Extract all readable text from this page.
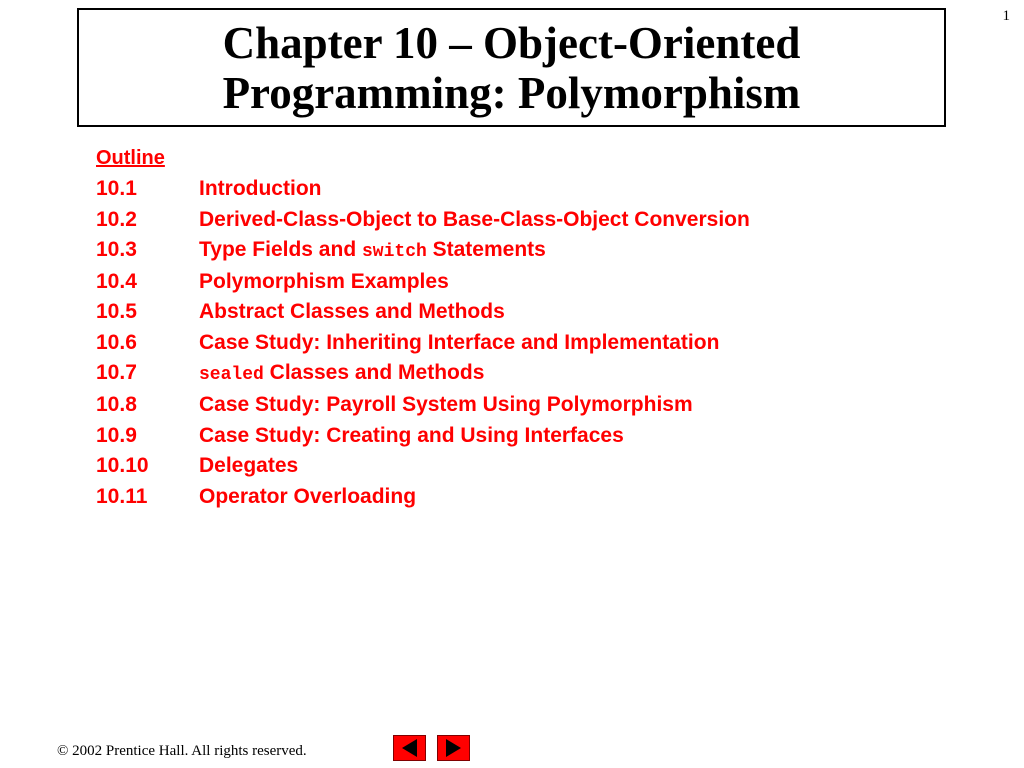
1
Chapter 10 – Object-Oriented
Programming: Polymorphism
Outline
10.1	Introduction
10.2	Derived-Class-Object to Base-Class-Object Conversion
10.3	Type Fields and switch Statements
10.4	Polymorphism Examples
10.5	Abstract Classes and Methods
10.6	Case Study: Inheriting Interface and Implementation
10.7	sealed Classes and Methods
10.8	Case Study: Payroll System Using Polymorphism
10.9	Case Study: Creating and Using Interfaces
10.10	Delegates
10.11	Operator Overloading
© 2002 Prentice Hall. All rights reserved.
